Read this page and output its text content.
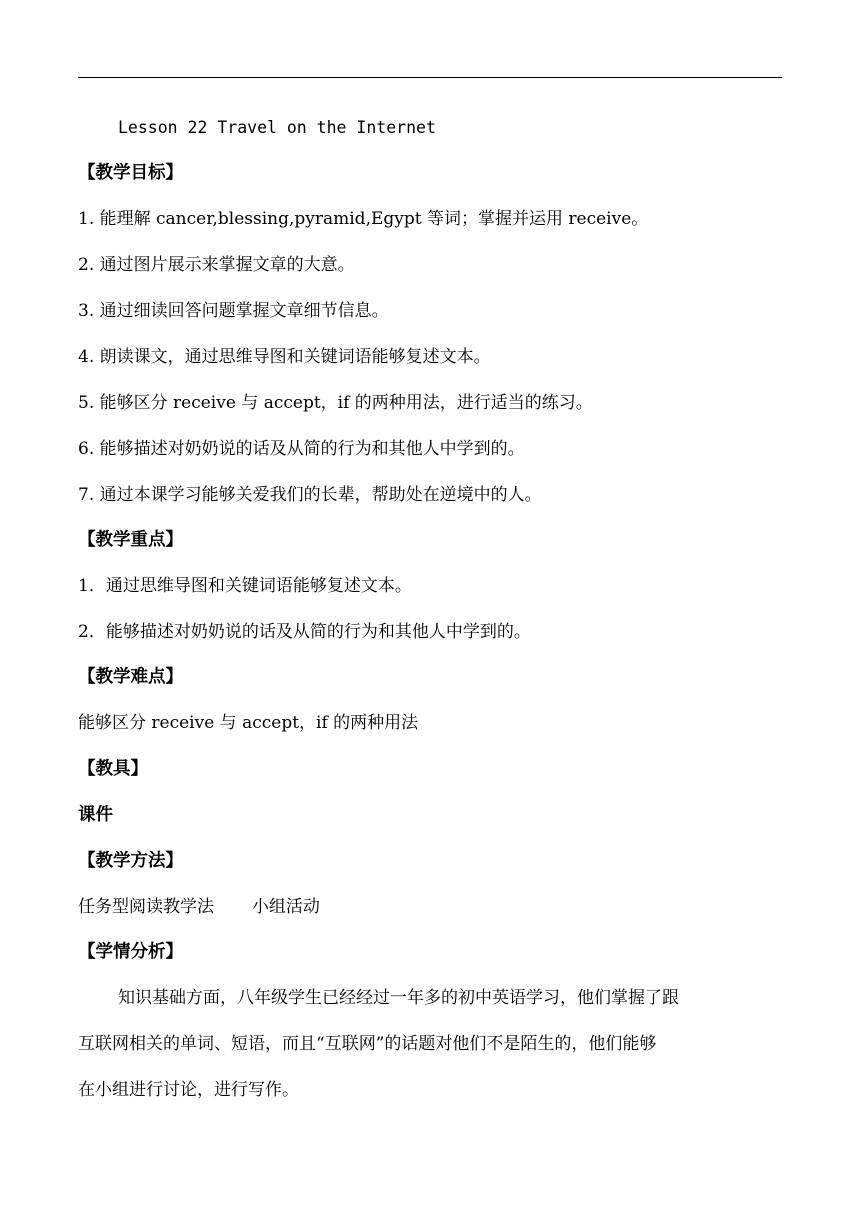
Lesson 22 Travel on the Internet
【教学目标】
1. 能理解 cancer,blessing,pyramid,Egypt 等词；掌握并运用 receive。
2. 通过图片展示来掌握文章的大意。
3. 通过细读回答问题掌握文章细节信息。
4. 朗读课文，通过思维导图和关键词语能够复述文本。
5. 能够区分 receive 与 accept，if 的两种用法，进行适当的练习。
6. 能够描述对奶奶说的话及从简的行为和其他人中学到的。
7. 通过本课学习能够关爱我们的长辈，帮助处在逆境中的人。
【教学重点】
1．通过思维导图和关键词语能够复述文本。
2．能够描述对奶奶说的话及从简的行为和其他人中学到的。
【教学难点】
能够区分 receive 与 accept，if 的两种用法
【教具】
课件
【教学方法】
任务型阅读教学法       小组活动
【学情分析】
知识基础方面，八年级学生已经经过一年多的初中英语学习，他们掌握了跟
互联网相关的单词、短语，而且“互联网”的话题对他们不是陌生的，他们能够
在小组进行讨论，进行写作。
